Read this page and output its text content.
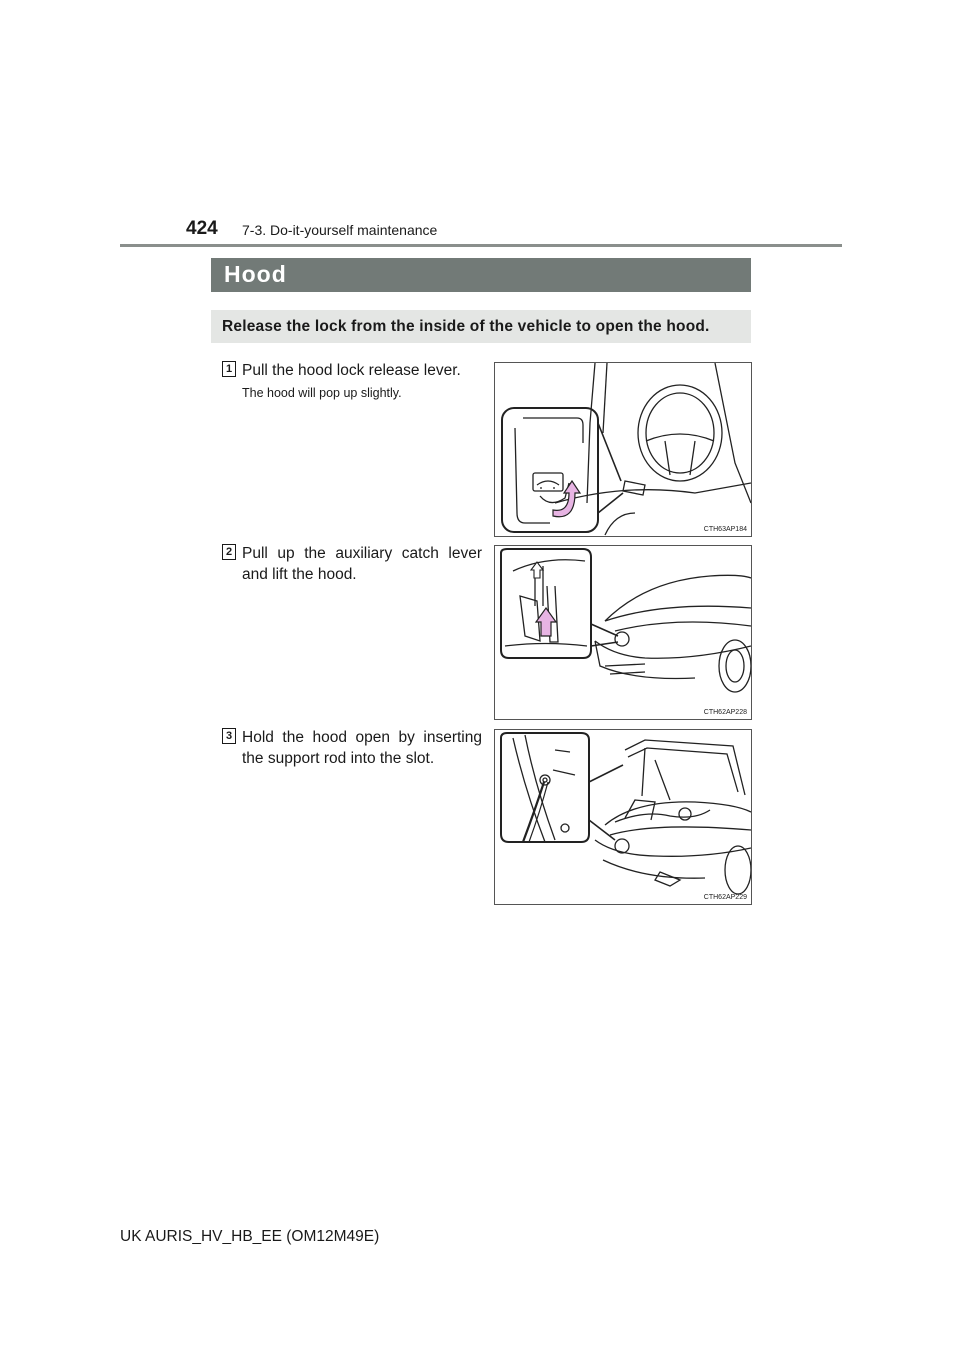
424 7-3. Do-it-yourself maintenance
Hood
Release the lock from the inside of the vehicle to open the hood.
1 Pull the hood lock release lever.
The hood will pop up slightly.
CTH63AP184
2 Pull up the auxiliary catch lever and lift the hood.
CTH62AP228
3 Hold the hood open by inserting the support rod into the slot.
CTH62AP229
UK AURIS_HV_HB_EE (OM12M49E)
